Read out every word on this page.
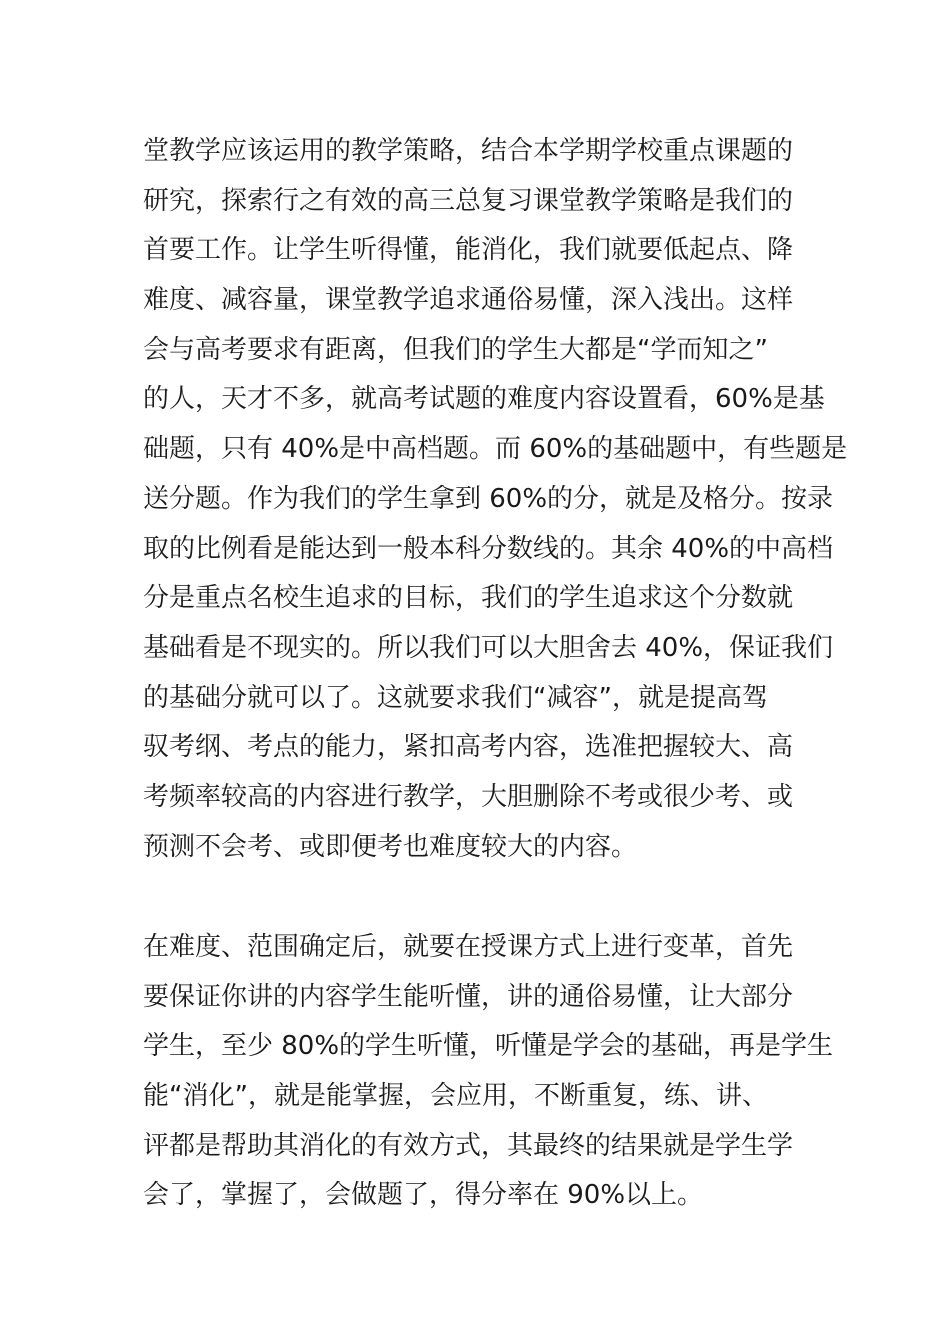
堂教学应该运用的教学策略，结合本学期学校重点课题的
研究，探索行之有效的高三总复习课堂教学策略是我们的
首要工作。让学生听得懂，能消化，我们就要低起点、降
难度、减容量，课堂教学追求通俗易懂，深入浅出。这样
会与高考要求有距离，但我们的学生大都是“学而知之”
的人，天才不多，就高考试题的难度内容设置看，60%是基
础题，只有 40%是中高档题。而 60%的基础题中，有些题是
送分题。作为我们的学生拿到 60%的分，就是及格分。按录
取的比例看是能达到一般本科分数线的。其余 40%的中高档
分是重点名校生追求的目标，我们的学生追求这个分数就
基础看是不现实的。所以我们可以大胆舍去 40%，保证我们
的基础分就可以了。这就要求我们“减容”，就是提高驾
驭考纲、考点的能力，紧扣高考内容，选准把握较大、高
考频率较高的内容进行教学，大胆删除不考或很少考、或
预测不会考、或即便考也难度较大的内容。
在难度、范围确定后，就要在授课方式上进行变革，首先
要保证你讲的内容学生能听懂，讲的通俗易懂，让大部分
学生，至少 80%的学生听懂，听懂是学会的基础，再是学生
能“消化”，就是能掌握，会应用，不断重复，练、讲、
评都是帮助其消化的有效方式，其最终的结果就是学生学
会了，掌握了，会做题了，得分率在 90%以上。
